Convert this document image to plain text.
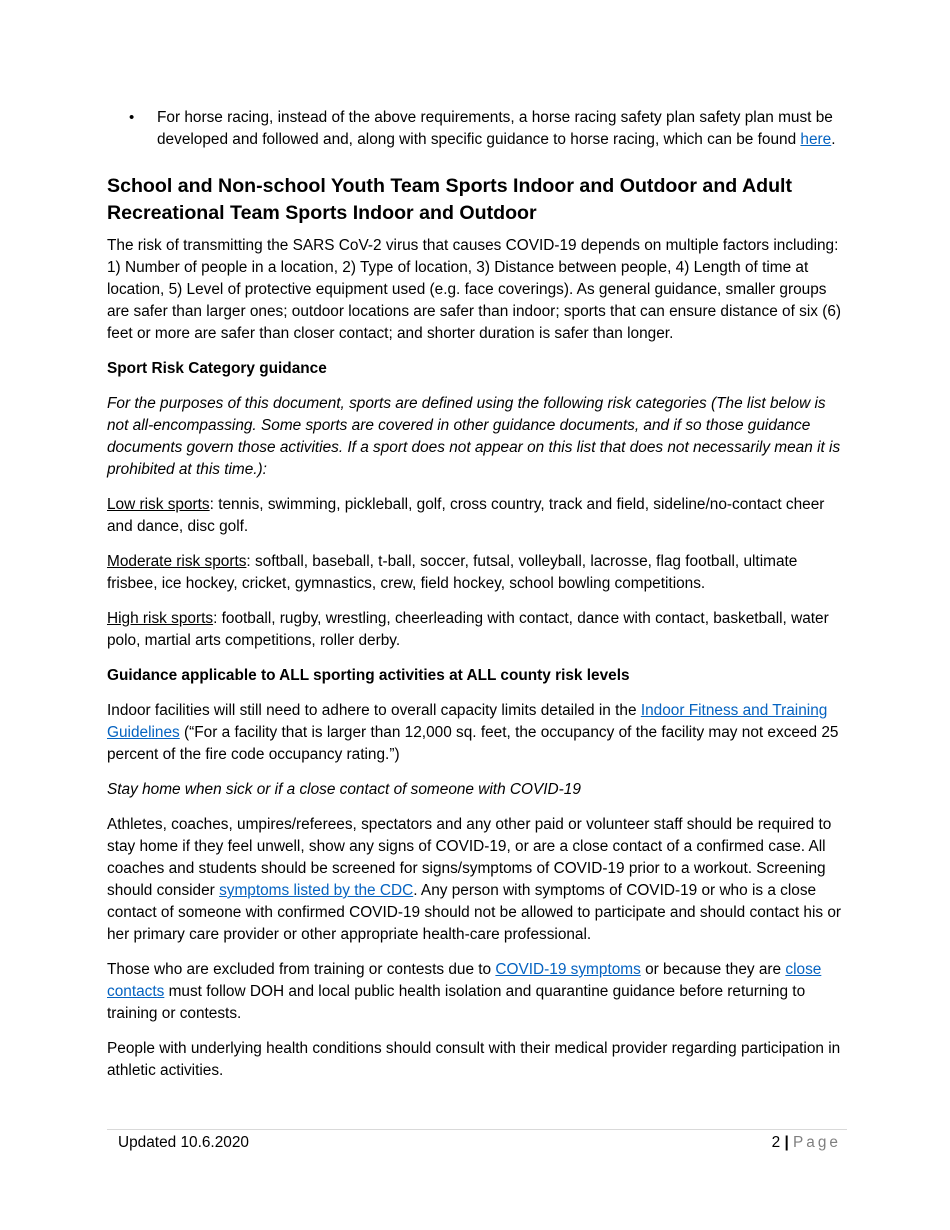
• For horse racing, instead of the above requirements, a horse racing safety plan safety plan must be developed and followed and, along with specific guidance to horse racing, which can be found here.

School and Non-school Youth Team Sports Indoor and Outdoor and Adult Recreational Team Sports Indoor and Outdoor

The risk of transmitting the SARS CoV-2 virus that causes COVID-19 depends on multiple factors including: 1) Number of people in a location, 2) Type of location, 3) Distance between people, 4) Length of time at location, 5) Level of protective equipment used (e.g. face coverings). As general guidance, smaller groups are safer than larger ones; outdoor locations are safer than indoor; sports that can ensure distance of six (6) feet or more are safer than closer contact; and shorter duration is safer than longer.

Sport Risk Category guidance

For the purposes of this document, sports are defined using the following risk categories (The list below is not all-encompassing. Some sports are covered in other guidance documents, and if so those guidance documents govern those activities. If a sport does not appear on this list that does not necessarily mean it is prohibited at this time.):

Low risk sports: tennis, swimming, pickleball, golf, cross country, track and field, sideline/no-contact cheer and dance, disc golf.

Moderate risk sports: softball, baseball, t-ball, soccer, futsal, volleyball, lacrosse, flag football, ultimate frisbee, ice hockey, cricket, gymnastics, crew, field hockey, school bowling competitions.

High risk sports: football, rugby, wrestling, cheerleading with contact, dance with contact, basketball, water polo, martial arts competitions, roller derby.

Guidance applicable to ALL sporting activities at ALL county risk levels

Indoor facilities will still need to adhere to overall capacity limits detailed in the Indoor Fitness and Training Guidelines (“For a facility that is larger than 12,000 sq. feet, the occupancy of the facility may not exceed 25 percent of the fire code occupancy rating.”)

Stay home when sick or if a close contact of someone with COVID-19

Athletes, coaches, umpires/referees, spectators and any other paid or volunteer staff should be required to stay home if they feel unwell, show any signs of COVID-19, or are a close contact of a confirmed case. All coaches and students should be screened for signs/symptoms of COVID-19 prior to a workout. Screening should consider symptoms listed by the CDC. Any person with symptoms of COVID-19 or who is a close contact of someone with confirmed COVID-19 should not be allowed to participate and should contact his or her primary care provider or other appropriate health-care professional.

Those who are excluded from training or contests due to COVID-19 symptoms or because they are close contacts must follow DOH and local public health isolation and quarantine guidance before returning to training or contests.

People with underlying health conditions should consult with their medical provider regarding participation in athletic activities.

Updated 10.6.2020	2 | Page
